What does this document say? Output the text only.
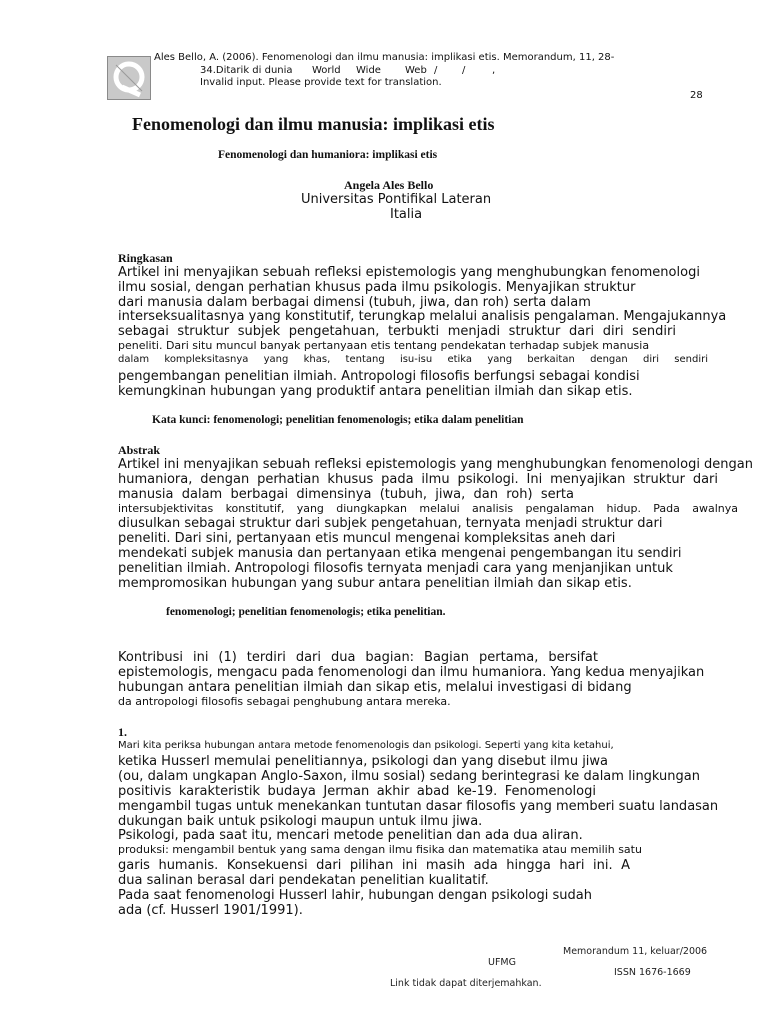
Ales Bello, A. (2006). Fenomenologi dan ilmu manusia: implikasi etis. Memorandum, 11, 28-
34.Ditarik di dunia World Wide Web / /	,
Invalid input. Please provide text for translation.
28
Fenomenologi dan ilmu manusia: implikasi etis
Fenomenologi dan humaniora: implikasi etis
Angela Ales Bello
Universitas Pontifikal Lateran
Italia
Ringkasan
Artikel ini menyajikan sebuah refleksi epistemologis yang menghubungkan fenomenologi
ilmu sosial, dengan perhatian khusus pada ilmu psikologis. Menyajikan struktur
dari manusia dalam berbagai dimensi (tubuh, jiwa, dan roh) serta dalam
interseksualitasnya yang konstitutif, terungkap melalui analisis pengalaman. Mengajukannya
sebagai struktur subjek pengetahuan, terbukti menjadi struktur dari diri sendiri
peneliti. Dari situ muncul banyak pertanyaan etis tentang pendekatan terhadap subjek manusia
dalam kompleksitasnya yang khas, tentang isu-isu etika yang berkaitan dengan diri sendiri
pengembangan penelitian ilmiah. Antropologi filosofis berfungsi sebagai kondisi
kemungkinan hubungan yang produktif antara penelitian ilmiah dan sikap etis.
Kata kunci: fenomenologi; penelitian fenomenologis; etika dalam penelitian
Abstrak
Artikel ini menyajikan sebuah refleksi epistemologis yang menghubungkan fenomenologi dengan
humaniora, dengan perhatian khusus pada ilmu psikologi. Ini menyajikan struktur dari
manusia dalam berbagai dimensinya (tubuh, jiwa, dan roh) serta
intersubjektivitas konstitutif, yang diungkapkan melalui analisis pengalaman hidup. Pada awalnya
diusulkan sebagai struktur dari subjek pengetahuan, ternyata menjadi struktur dari
peneliti. Dari sini, pertanyaan etis muncul mengenai kompleksitas aneh dari
mendekati subjek manusia dan pertanyaan etika mengenai pengembangan itu sendiri
penelitian ilmiah. Antropologi filosofis ternyata menjadi cara yang menjanjikan untuk
mempromosikan hubungan yang subur antara penelitian ilmiah dan sikap etis.
fenomenologi; penelitian fenomenologis; etika penelitian.
Kontribusi ini (1) terdiri dari dua bagian: Bagian pertama, bersifat
epistemologis, mengacu pada fenomenologi dan ilmu humaniora. Yang kedua menyajikan
hubungan antara penelitian ilmiah dan sikap etis, melalui investigasi di bidang
da antropologi filosofis sebagai penghubung antara mereka.
1.
Mari kita periksa hubungan antara metode fenomenologis dan psikologi. Seperti yang kita ketahui,
ketika Husserl memulai penelitiannya, psikologi dan yang disebut ilmu jiwa
(ou, dalam ungkapan Anglo-Saxon, ilmu sosial) sedang berintegrasi ke dalam lingkungan
positivis karakteristik budaya Jerman akhir abad ke-19. Fenomenologi
mengambil tugas untuk menekankan tuntutan dasar filosofis yang memberi suatu landasan
dukungan baik untuk psikologi maupun untuk ilmu jiwa.
Psikologi, pada saat itu, mencari metode penelitian dan ada dua aliran.
produksi: mengambil bentuk yang sama dengan ilmu fisika dan matematika atau memilih satu
garis humanis. Konsekuensi dari pilihan ini masih ada hingga hari ini. A
dua salinan berasal dari pendekatan penelitian kualitatif.
Pada saat fenomenologi Husserl lahir, hubungan dengan psikologi sudah
ada (cf. Husserl 1901/1991).
Memorandum 11, keluar/2006
UFMG
ISSN 1676-1669
Link tidak dapat diterjemahkan.
